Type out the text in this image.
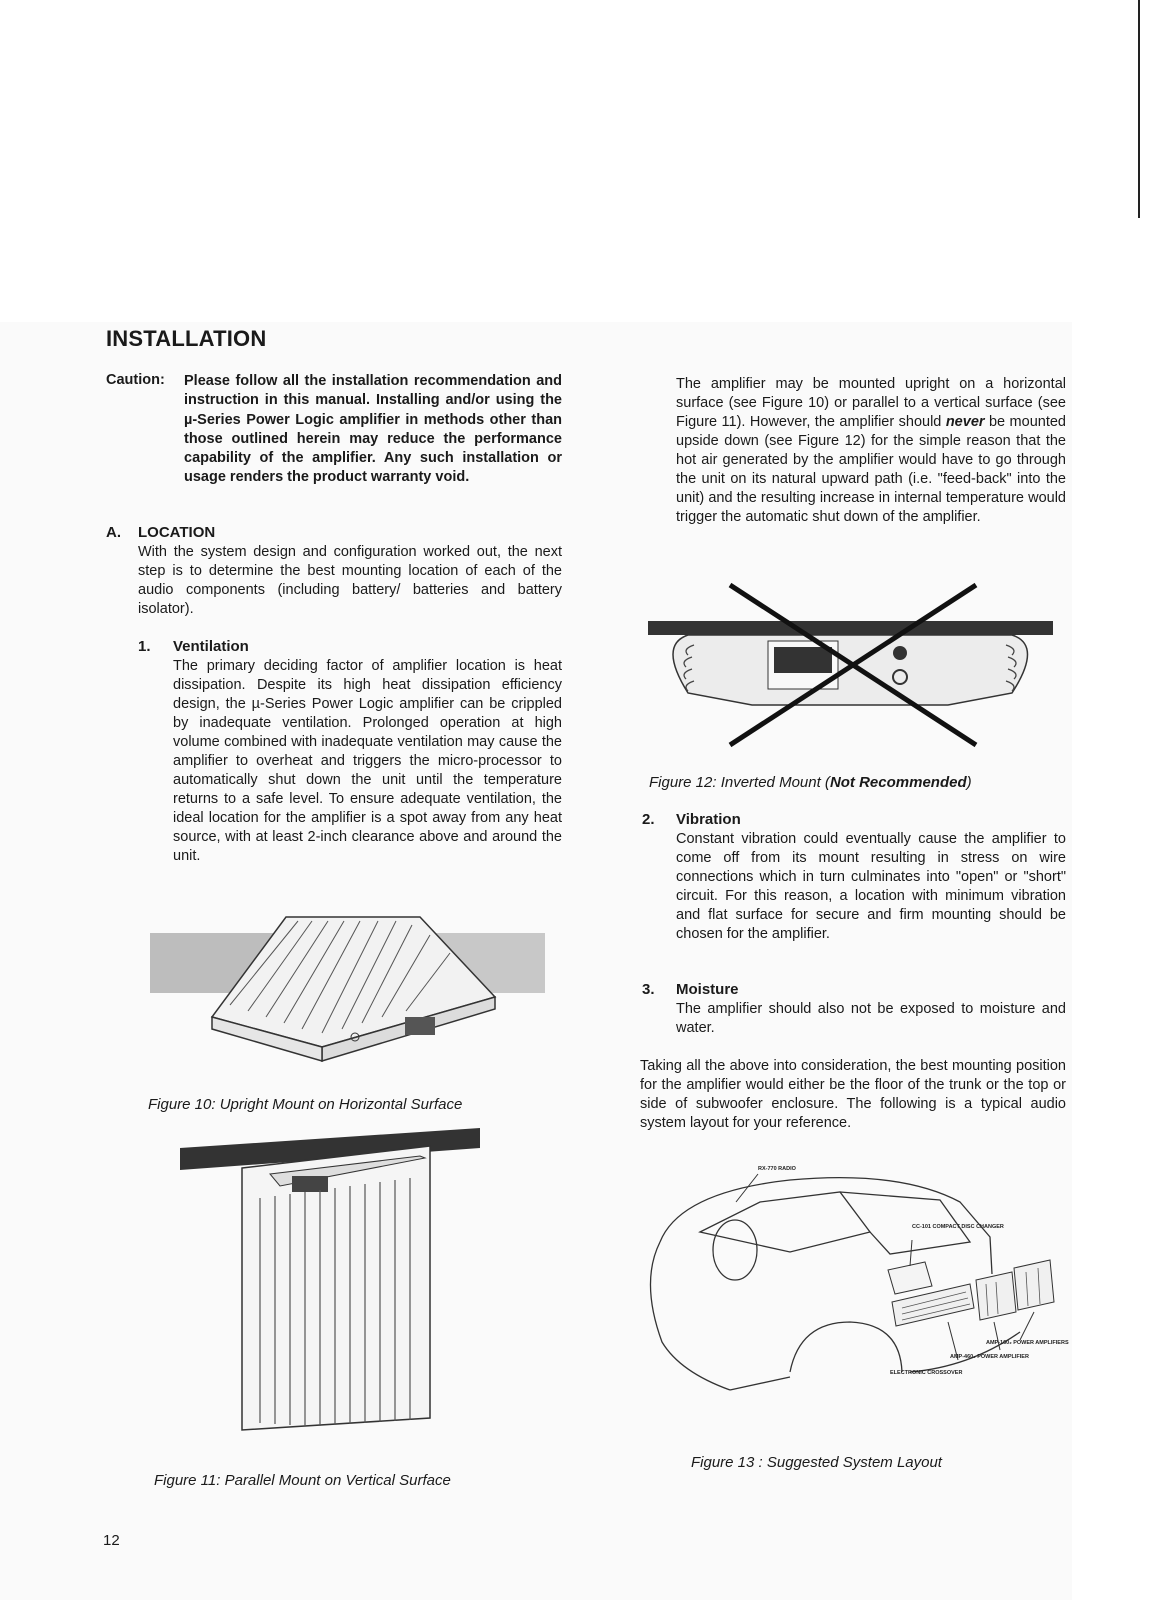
INSTALLATION
Caution: Please follow all the installation recommendation and instruction in this manual. Installing and/or using the µ-Series Power Logic amplifier in methods other than those outlined herein may reduce the performance capability of the amplifier. Any such installation or usage renders the product warranty void.
A. LOCATION
With the system design and configuration worked out, the next step is to determine the best mounting location of each of the audio components (including battery/ batteries and battery isolator).
1. Ventilation
The primary deciding factor of amplifier location is heat dissipation. Despite its high heat dissipation efficiency design, the µ-Series Power Logic amplifier can be crippled by inadequate ventilation. Prolonged operation at high volume combined with inadequate ventilation may cause the amplifier to overheat and triggers the micro-processor to automatically shut down the unit until the temperature returns to a safe level. To ensure adequate ventilation, the ideal location for the amplifier is a spot away from any heat source, with at least 2-inch clearance above and around the unit.
Figure 10: Upright Mount on Horizontal Surface
Figure 11: Parallel Mount on Vertical Surface
The amplifier may be mounted upright on a horizontal surface (see Figure 10) or parallel to a vertical surface (see Figure 11). However, the amplifier should never be mounted upside down (see Figure 12) for the simple reason that the hot air generated by the amplifier would have to go through the unit on its natural upward path (i.e. "feed-back" into the unit) and the resulting increase in internal temperature would trigger the automatic shut down of the amplifier.
Figure 12: Inverted Mount (Not Recommended)
2. Vibration
Constant vibration could eventually cause the amplifier to come off from its mount resulting in stress on wire connections which in turn culminates into "open" or "short" circuit. For this reason, a location with minimum vibration and flat surface for secure and firm mounting should be chosen for the amplifier.
3. Moisture
The amplifier should also not be exposed to moisture and water.
Taking all the above into consideration, the best mounting position for the amplifier would either be the floor of the trunk or the top or side of subwoofer enclosure. The following is a typical audio system layout for your reference.
RX-770 RADIO
CC-101 COMPACT DISC CHANGER
AMP-160₂ POWER AMPLIFIERS
AMP-460₂ POWER AMPLIFIER
ELECTRONIC CROSSOVER
Figure 13 : Suggested System Layout
12
